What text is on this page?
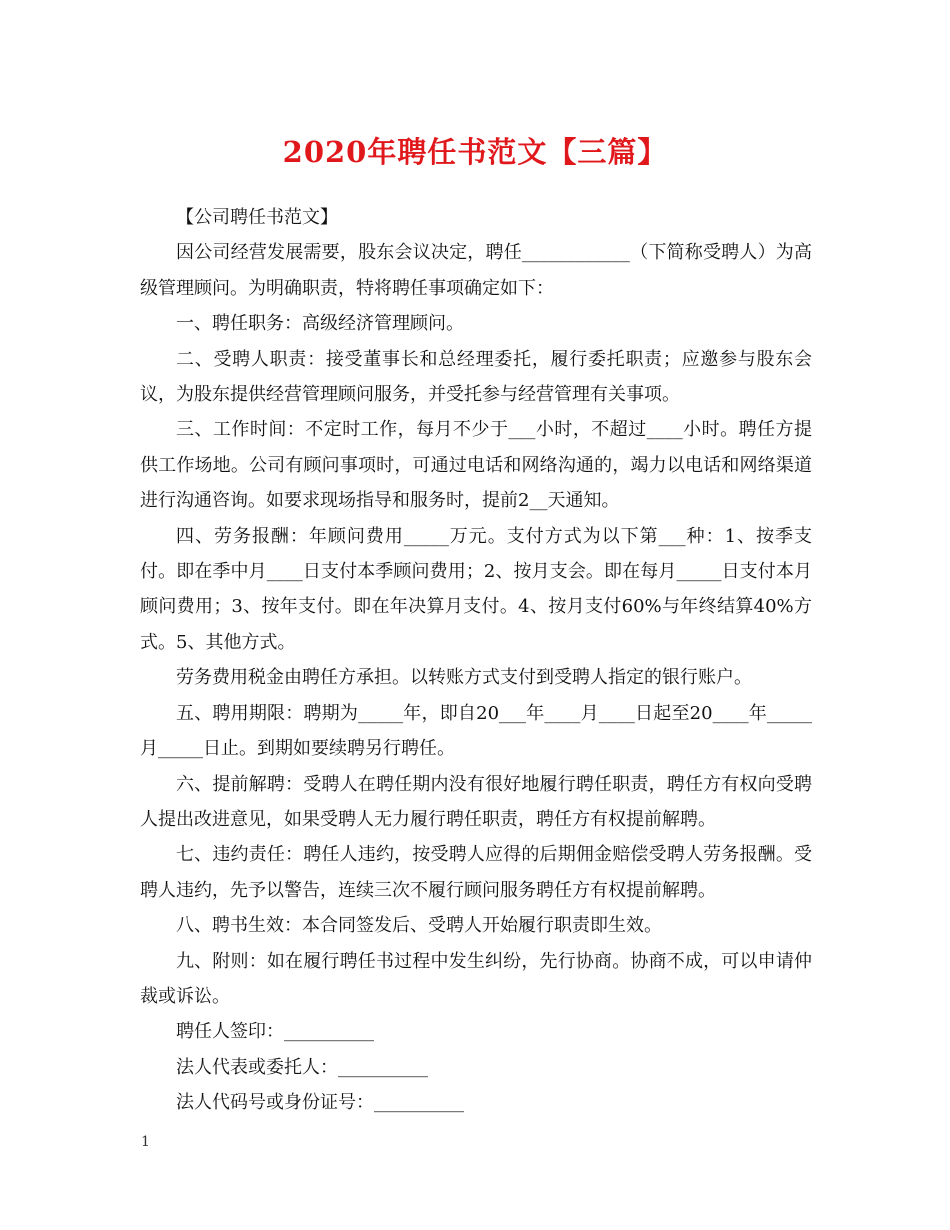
2020年聘任书范文【三篇】

【公司聘任书范文】

因公司经营发展需要，股东会议决定，聘任____________（下简称受聘人）为高级管理顾问。为明确职责，特将聘任事项确定如下：

一、聘任职务：高级经济管理顾问。

二、受聘人职责：接受董事长和总经理委托，履行委托职责；应邀参与股东会议，为股东提供经营管理顾问服务，并受托参与经营管理有关事项。

三、工作时间：不定时工作，每月不少于___小时，不超过____小时。聘任方提供工作场地。公司有顾问事项时，可通过电话和网络沟通的，竭力以电话和网络渠道进行沟通咨询。如要求现场指导和服务时，提前2__天通知。

四、劳务报酬：年顾问费用_____万元。支付方式为以下第___种：1、按季支付。即在季中月____日支付本季顾问费用；2、按月支会。即在每月_____日支付本月顾问费用；3、按年支付。即在年决算月支付。4、按月支付60%与年终结算40%方式。5、其他方式。

劳务费用税金由聘任方承担。以转账方式支付到受聘人指定的银行账户。

五、聘用期限：聘期为_____年，即自20___年____月____日起至20____年_____月_____日止。到期如要续聘另行聘任。

六、提前解聘：受聘人在聘任期内没有很好地履行聘任职责，聘任方有权向受聘人提出改进意见，如果受聘人无力履行聘任职责，聘任方有权提前解聘。

七、违约责任：聘任人违约，按受聘人应得的后期佣金赔偿受聘人劳务报酬。受聘人违约，先予以警告，连续三次不履行顾问服务聘任方有权提前解聘。

八、聘书生效：本合同签发后、受聘人开始履行职责即生效。

九、附则：如在履行聘任书过程中发生纠纷，先行协商。协商不成，可以申请仲裁或诉讼。

聘任人签印：__________

法人代表或委托人：__________

法人代码号或身份证号：__________

1
